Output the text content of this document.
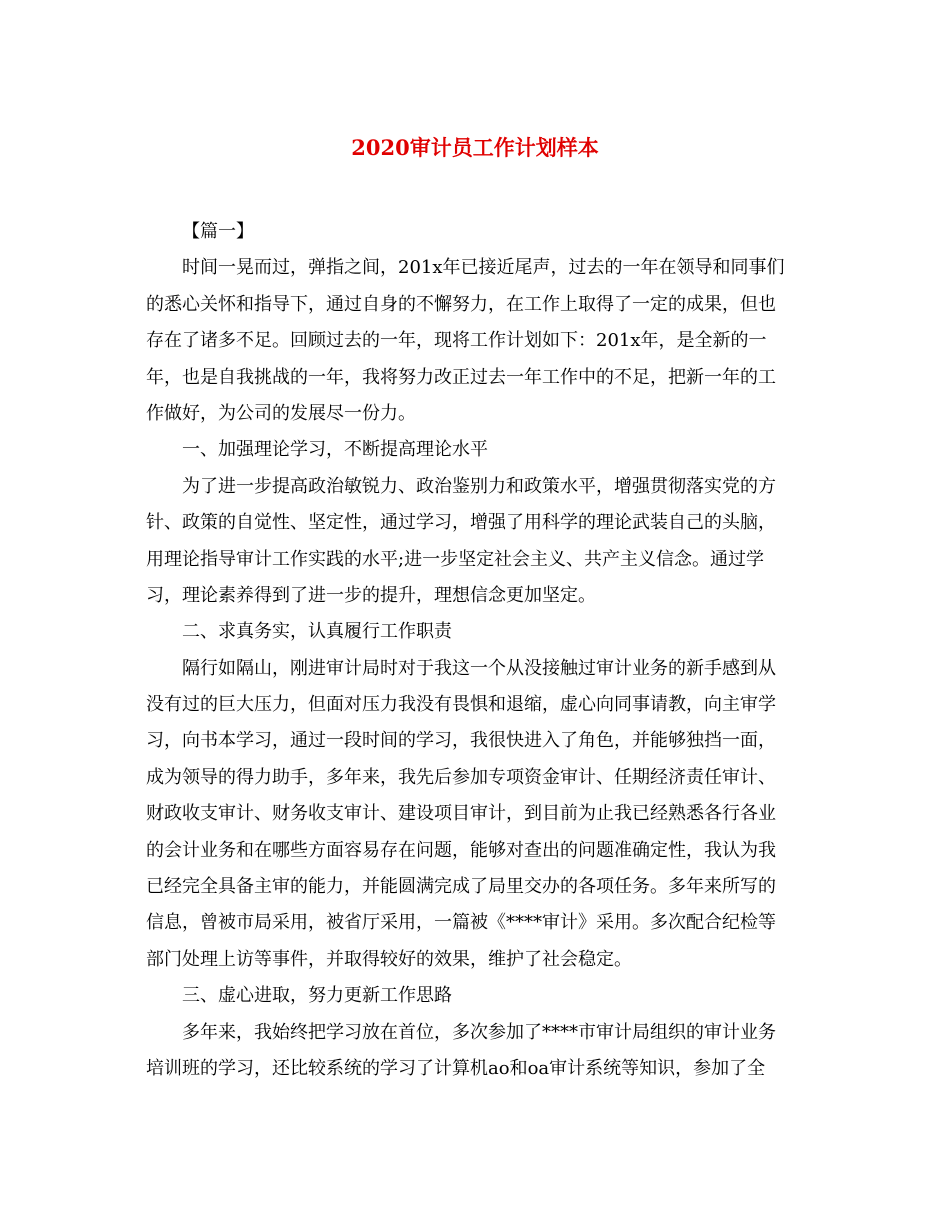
2020审计员工作计划样本
【篇一】
时间一晃而过，弹指之间，201x年已接近尾声，过去的一年在领导和同事们
的悉心关怀和指导下，通过自身的不懈努力，在工作上取得了一定的成果，但也
存在了诸多不足。回顾过去的一年，现将工作计划如下：201x年，是全新的一
年，也是自我挑战的一年，我将努力改正过去一年工作中的不足，把新一年的工
作做好，为公司的发展尽一份力。
一、加强理论学习，不断提高理论水平
为了进一步提高政治敏锐力、政治鉴别力和政策水平，增强贯彻落实党的方
针、政策的自觉性、坚定性，通过学习，增强了用科学的理论武装自己的头脑，
用理论指导审计工作实践的水平;进一步坚定社会主义、共产主义信念。通过学
习，理论素养得到了进一步的提升，理想信念更加坚定。
二、求真务实，认真履行工作职责
隔行如隔山，刚进审计局时对于我这一个从没接触过审计业务的新手感到从
没有过的巨大压力，但面对压力我没有畏惧和退缩，虚心向同事请教，向主审学
习，向书本学习，通过一段时间的学习，我很快进入了角色，并能够独挡一面，
成为领导的得力助手，多年来，我先后参加专项资金审计、任期经济责任审计、
财政收支审计、财务收支审计、建设项目审计，到目前为止我已经熟悉各行各业
的会计业务和在哪些方面容易存在问题，能够对查出的问题准确定性，我认为我
已经完全具备主审的能力，并能圆满完成了局里交办的各项任务。多年来所写的
信息，曾被市局采用，被省厅采用，一篇被《****审计》采用。多次配合纪检等
部门处理上访等事件，并取得较好的效果，维护了社会稳定。
三、虚心进取，努力更新工作思路
多年来，我始终把学习放在首位，多次参加了****市审计局组织的审计业务
培训班的学习，还比较系统的学习了计算机ao和oa审计系统等知识，参加了全
